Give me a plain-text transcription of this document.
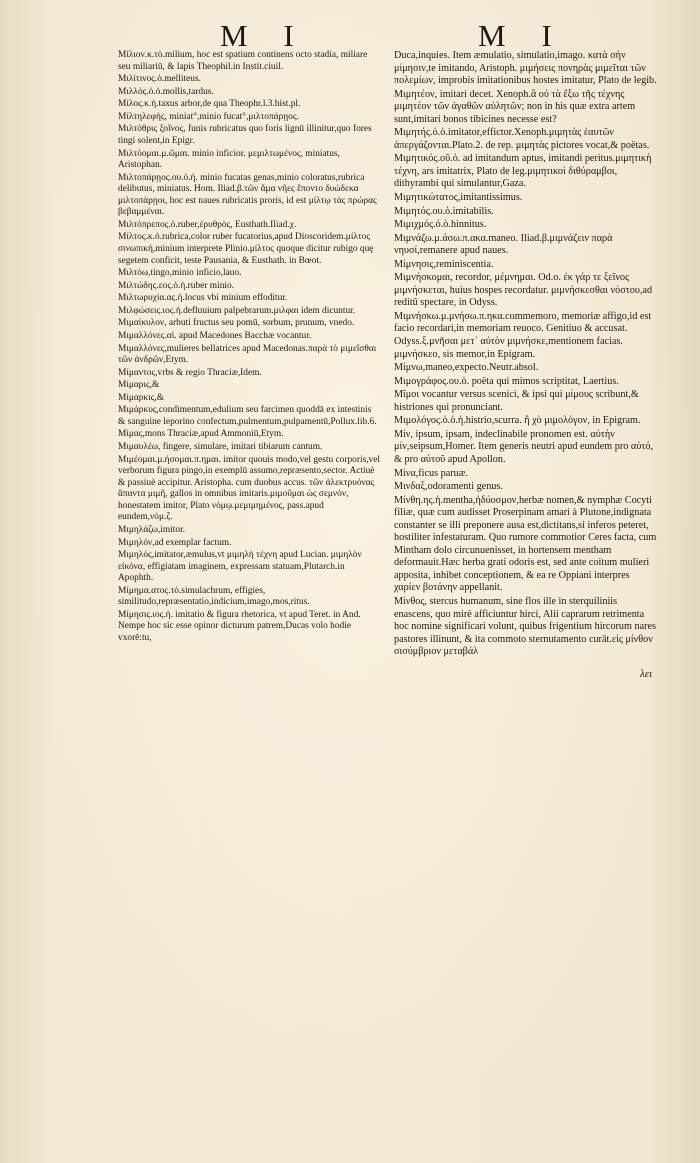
M I	M I

Μίλιον.κ.τὸ.milium, hoc est spatium continens octo stadia, miliare seu miliariū, & lapis Theophil.in Instit.ciuil.

Μιλίτινος.ὁ.melliteus.

Μιλλός.ὁ.ὁ.mollis,tardus.

Μίλος.κ.ἡ.taxus arbor,de qua Theophr.l.3.hist.pl.

Μίλτηλεφὴς, miniat°,minio fucat°,μιλτοπάρῃος.

Μιλτόθρις ξοῖνος, funis rubricatus quo foris lignū illinitur,quo fores tingi solent,in Epigr.

Μιλτόομαι.μ.ῶμαι. minio inficior. μεμιλτωμένος, miniatus, Aristophan.

Μιλτοπάρῃος.ου.ὁ.ἡ. minio fucatas genas,minio coloratus,rubrica delibutus, miniatus. Hom. Iliad.β.τῶν ἅμα νῆες ἕποντο δυώδεκα μιλτοπάρῃοι, hoc est naues rubricatis proris, id est μίλτῳ τὰς πρώρας βεβαμμέναι.

Μιλτόπρεπος.ὁ.ruber,ἐρυθρὸς, Eusthath.Iliad.χ.

Μίλτος.κ.ὁ.rubrica,color ruber fucatorius,apud Dioscoridem.μίλτος σινωπική,minium interprete Plinio.μίλτος quoque dicitur rubigo quę segetem conficit, teste Pausania, & Eusthath. in Bœot.

Μιλτόω,tingo,minio inficio,lauo.

Μιλτώδης.εος.ὁ.ἡ.ruber minio.

Μιλτωρυχία.ας.ἡ.locus vbi minium effoditur.

Μιλφώσεις.ιος.ἡ.defluuium palpebrarum.μιλφαι idem dicuntur.

Μιμαίκυλον, arbuti fructus seu pomū, sorbum, prunum, vnedo.

Μιμαλλόνες.αἱ. apud Macedones Bacchæ vocantur.

Μιμαλλόνες,mulieres bellatrices apud Macedonas.παρὰ τὸ μιμεῖσθαι τῶν ἀνδρῶν,Etym.

Μίμαντος,vrbs & regio Thraciæ,Idem.

Μίμαρις,&

Μίμαρκις,&

Μιμάρκυς,condimentum,edulium seu farcimen quoddā ex intestinis & sanguine leporino confectum,pulmentum,pulpamentū,Pollux.lib.6.

Μίμας,mons Thraciæ,apud Ammoniū,Etym.

Μιμαυλέω, fingere, simulare, imitari tibiarum cantum.

Μιμέομαι.μ.ήσομαι.π.ημαι. imitor quouis modo,vel gestu corporis,vel verborum figura pingo,in exemplū assumo,repræsento,sector. Actiuè & passiuè accipitur. Aristopha. cum duobus accus. τῶν ἀλεκτρυόνας ἅπαντα μιμῆ, gallos in omnibus imitaris.μιμοῦμαι ὡς σεμνόν, honestatem imitor, Plato νόμῳ.μεμιμημένος, pass.apud eundem,νόμ.ζ.

Μιμηλάζω,imitor.

Μιμηλόν,ad exemplar factum.

Μιμηλός,imitator,æmulus,vt μιμηλὴ τέχνη apud Lucian. μιμηλὸν εἰκόνα, effigiatam imaginem, expressam statuam,Plutarch.in Apophth.

Μίμημα.ατος.τό.simulachrum, effigies, similitudo,repræsentatio,indicium,imago,mos,ritus.

Μίμησις.ιος.ἡ. imitatio & figura rhetorica, vt apud Teret. in And. Nempe hoc sic esse opinor dicturum patrem,Ducas volo hodie vxorē:tu,

Duca,inquies. Item æmulatio, simulatio,imago. κατὰ σὴν μίμησιν,te imitando, Aristoph. μιμήσεις πονηρὰς μιμεῖται τῶν πολεμίων, improbis imitationibus hostes imitatur, Plato de legib.

Μιμητέον, imitari decet. Xenoph.ἃ οὐ τὰ ἔξω τῆς τέχνης μιμητέον τῶν ἀγαθῶν αὐλητῶν; non in his quæ extra artem sunt,imitari bonos tibicines necesse est?

Μιμητής.ὁ.ὁ.imitator,effictor.Xenoph.μιμητὰς ἑαυτῶν ἀπεργάζονται.Plato.2. de rep. μιμητὰς pictores vocat,& poëtas.

Μιμητικός.οῦ.ὁ. ad imitandum aptus, imitandi peritus.μιμητικὴ τέχνη, ars imitatrix, Plato de leg.μιμητικοὶ διθύραμβοι, dithyrambi qui simulantur,Gaza.

Μιμητικώτατος,imitantissimus.

Μιμητός.ου.ὁ.imitabilis.

Μιμιχμός.ὁ.ὁ.hinnitus.

Μιμνάζω.μ.άσω.π.ακα.maneo. Iliad.β.μιμνάζειν παρὰ νηυσί,remanere apud naues.

Μίμνησις,reminiscentia.

Μιμνήσκομαι, recordor, μέμνημαι. Od.ο. ἐκ γάρ τε ξεῖνος μιμνήσκεται, huius hospes recordatur. μιμνήσκεσθαι νόστου,ad reditū spectare, in Odyss.

Μιμνήσκω.μ.μνήσω.π.ηκα.commemoro, memoriæ affigo,id est facio recordari,in memoriam reuoco. Genitiuo & accusat. Odyss.ξ.μνῆσαι μετ᾽ αὐτὸν μιμνήσκε,mentionem facias. μιμνήσκεο, sis memor,in Epigram.

Μίμνω,maneo,expecto.Neutr.absol.

Μιμογράφος.ου.ὁ. poëta qui mimos scriptitat, Laertius.

Μῖμοι vocantur versus scenici, & ipsi qui μίμους scribunt,& histriones qui pronunciant.

Μιμολόγος.ὁ.ὁ.ἡ.histrio,scurra. ἢ χὸ μιμολόγον, in Epigram.

Μίν, ipsum, ipsam, indeclinabile pronomen est. αὐτὴν μίν,seipsum,Homer. Item generis neutri apud eundem pro αὐτό, & pro αὐτοῦ apud Apollon.

Μίνα,ficus paruæ.

Μινδαξ,odoramenti genus.

Μίνθη.ης.ἡ.mentha,ἡδύοσμον,herbæ nomen,& nymphæ Cocyti filiæ, quæ cum audisset Proserpinam amari à Plutone,indignata constanter se illi preponere ausa est,dictitans,si inferos peteret, hostiliter infestaturam. Quo rumore commotior Ceres facta, cum Mintham dolo circunuenisset, in hortensem mentham deformauit.Hæc herba grati odoris est, sed ante coitum mulieri apposita, inhibet conceptionem, & ea re Oppiani interpres χαρίεν βοτάνην appellanit.

Μίνθος, stercus humanum, sine flos ille in sterquiliniis enascens, quo mirè afficiuntur hirci, Alii caprarum retrimenta hoc nomine significari volunt, quibus frigentium hircorum nares pastores illinunt, & ita commoto sternutamento curāt.εἰς μίνθον σισύμβριον μεταβάλ

λει
